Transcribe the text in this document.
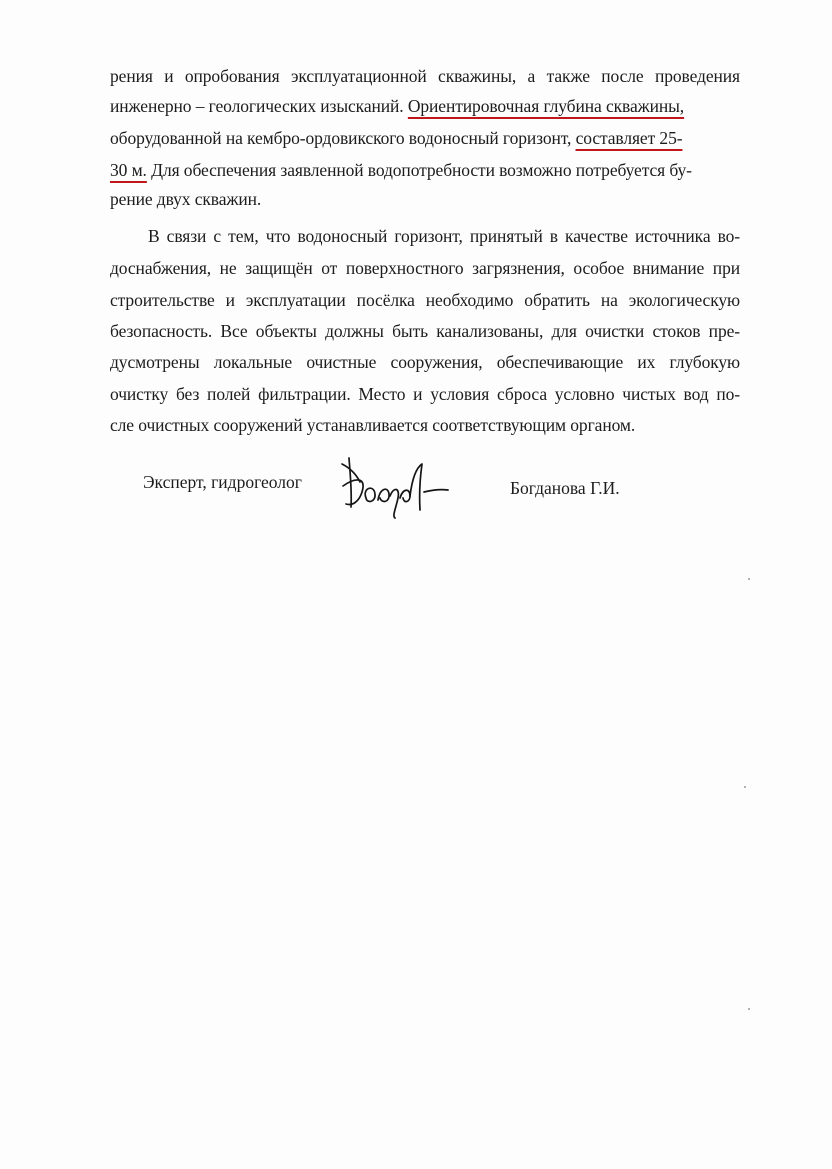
рения и опробования эксплуатационной скважины, а также после проведения
инженерно – геологических изысканий. Ориентировочная глубина скважины,
оборудованной на кембро-ордовикского водоносный горизонт, составляет 25-
30 м. Для обеспечения заявленной водопотребности возможно потребуется бу-
рение двух скважин.
В связи с тем, что водоносный горизонт, принятый в качестве источника во-
доснабжения, не защищён от поверхностного загрязнения, особое внимание при
строительстве и эксплуатации посёлка необходимо обратить на экологическую
безопасность. Все объекты должны быть канализованы, для очистки стоков пре-
дусмотрены локальные очистные сооружения, обеспечивающие их глубокую
очистку без полей фильтрации. Место и условия сброса условно чистых вод по-
сле очистных сооружений устанавливается соответствующим органом.
Эксперт, гидрогеолог	Богданова Г.И.
